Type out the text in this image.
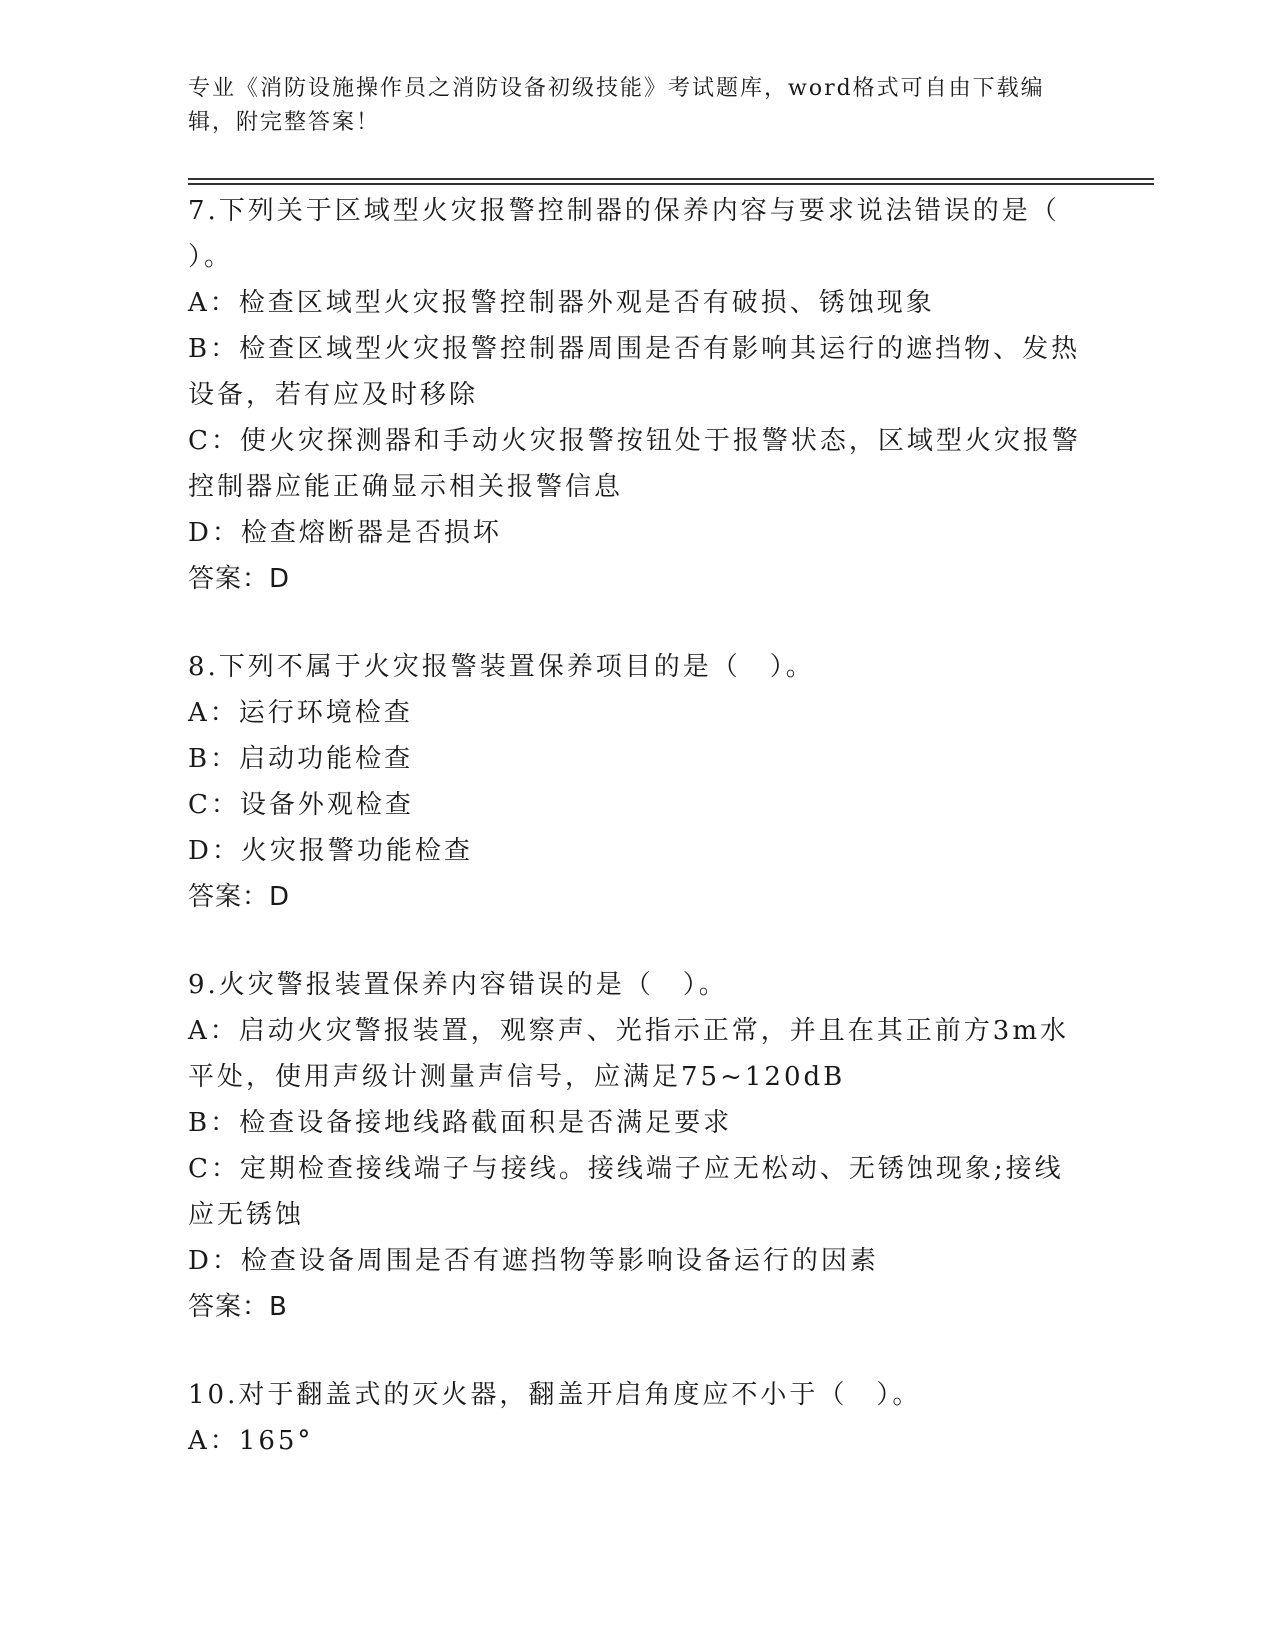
专业《消防设施操作员之消防设备初级技能》考试题库，word格式可自由下载编
辑，附完整答案！
7.下列关于区域型火灾报警控制器的保养内容与要求说法错误的是（
）。
A：检查区域型火灾报警控制器外观是否有破损、锈蚀现象
B：检查区域型火灾报警控制器周围是否有影响其运行的遮挡物、发热
设备，若有应及时移除
C：使火灾探测器和手动火灾报警按钮处于报警状态，区域型火灾报警
控制器应能正确显示相关报警信息
D：检查熔断器是否损坏
答案：D
8.下列不属于火灾报警装置保养项目的是（　）。
A：运行环境检查
B：启动功能检查
C：设备外观检查
D：火灾报警功能检查
答案：D
9.火灾警报装置保养内容错误的是（　）。
A：启动火灾警报装置，观察声、光指示正常，并且在其正前方3m水
平处，使用声级计测量声信号，应满足75~120dB
B：检查设备接地线路截面积是否满足要求
C：定期检查接线端子与接线。接线端子应无松动、无锈蚀现象;接线
应无锈蚀
D：检查设备周围是否有遮挡物等影响设备运行的因素
答案：B
10.对于翻盖式的灭火器，翻盖开启角度应不小于（　）。
A：165°
